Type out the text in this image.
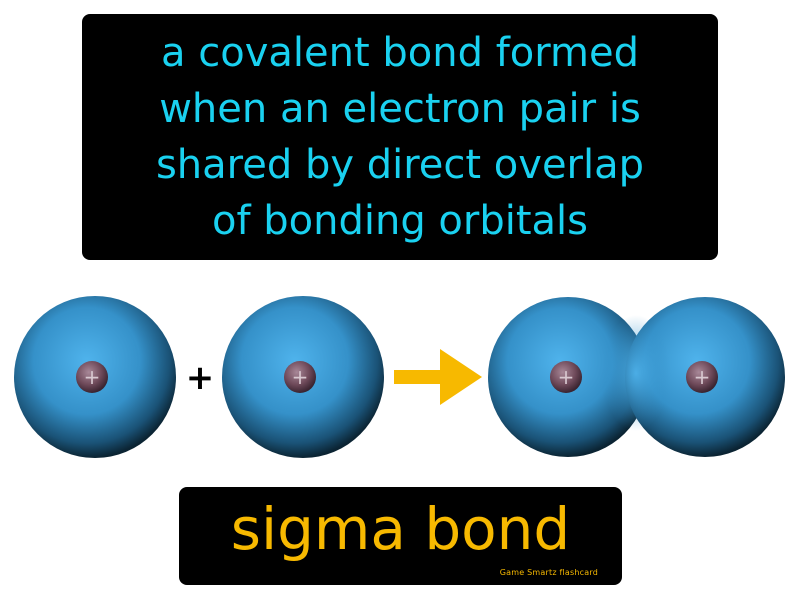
a covalent bond formed
when an electron pair is
shared by direct overlap
of bonding orbitals
+	+	+	+	+
sigma bond
Game Smartz flashcard
